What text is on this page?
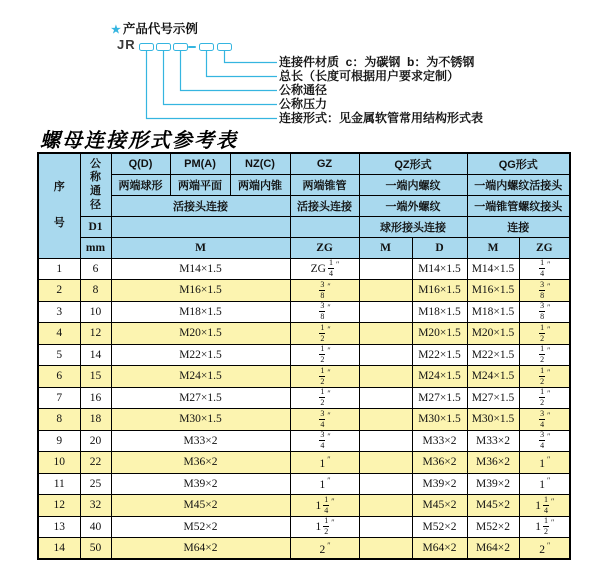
★ 产品代号示例
JR
连接件材质  c：为碳钢  b：为不锈钢
总长（长度可根据用户要求定制）
公称通径
公称压力
连接形式：见金属软管常用结构形式表
螺母连接形式参考表
序
号	公
称
通
径	Q(D)	PM(A)	NZ(C)	GZ	QZ形式		QG形式	
		两端球形	两端平面	两端内锥	两端锥管	一端内螺纹		一端内螺纹活接头	
		活接头连接			活接头连接	一端外螺纹		一端锥管螺纹接头	
	D1					球形接头连接		连接	
	mm	M			ZG	M	D	M	ZG
1	6	M14×1.5			ZG $\frac{1}{4} ''$		M14×1.5	M14×1.5	$\frac{1}{4} ''$
2	8	M16×1.5			$\frac{3}{8} ''$		M16×1.5	M16×1.5	$\frac{3}{8} ''$
3	10	M18×1.5			$\frac{3}{8} ''$		M18×1.5	M18×1.5	$\frac{3}{8} ''$
4	12	M20×1.5			$\frac{1}{2} ''$		M20×1.5	M20×1.5	$\frac{1}{2} ''$
5	14	M22×1.5			$\frac{1}{2} ''$		M22×1.5	M22×1.5	$\frac{1}{2} ''$
6	15	M24×1.5			$\frac{1}{2} ''$		M24×1.5	M24×1.5	$\frac{1}{2} ''$
7	16	M27×1.5			$\frac{1}{2} ''$		M27×1.5	M27×1.5	$\frac{1}{2} ''$
8	18	M30×1.5			$\frac{3}{4} ''$		M30×1.5	M30×1.5	$\frac{3}{4} ''$
9	20	M33×2			$\frac{3}{4} ''$		M33×2	M33×2	$\frac{3}{4} ''$
10	22	M36×2			1 ″		M36×2	M36×2	1 ″
11	25	M39×2			1 ″		M39×2	M39×2	1 ″
12	32	M45×2			$1 \frac{1}{4} ''$		M45×2	M45×2	$1 \frac{1}{4} ''$
13	40	M52×2			$1 \frac{1}{2} ''$		M52×2	M52×2	$1 \frac{1}{2} ''$
14	50	M64×2			2 ″		M64×2	M64×2	2 ″
